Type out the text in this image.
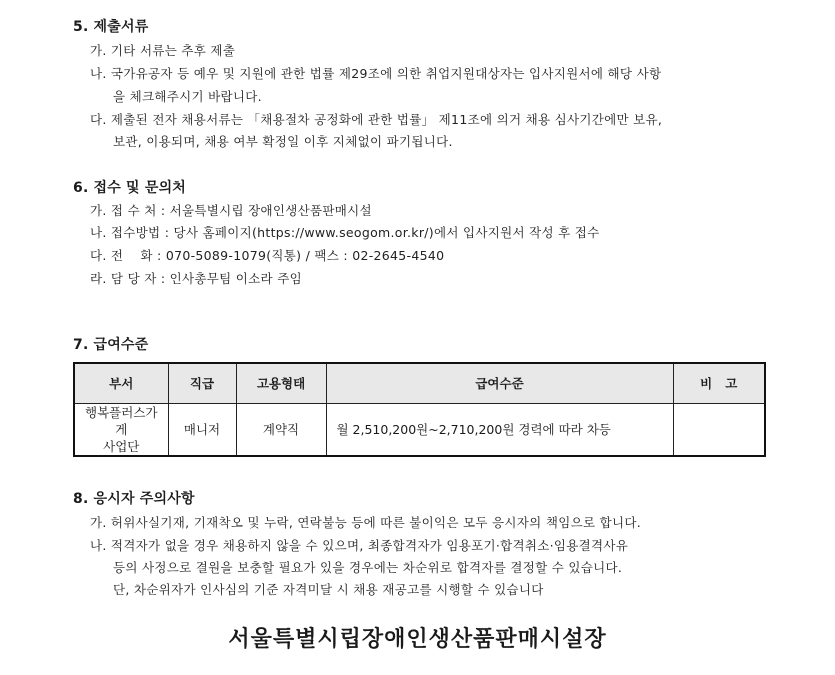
5. 제출서류
가. 기타 서류는 추후 제출
나. 국가유공자 등 예우 및 지원에 관한 법률 제29조에 의한 취업지원대상자는 입사지원서에 해당 사항
을 체크해주시기 바랍니다.
다. 제출된 전자 채용서류는 「채용절차 공정화에 관한 법률」 제11조에 의거 채용 심사기간에만 보유,
보관, 이용되며, 채용 여부 확정일 이후 지체없이 파기됩니다.
6. 접수 및 문의처
가. 접 수 처 : 서울특별시립 장애인생산품판매시설
나. 접수방법 : 당사 홈페이지(https://www.seogom.or.kr/)에서 입사지원서 작성 후 접수
다. 전    화 : 070-5089-1079(직통) / 팩스 : 02-2645-4540
라. 담 당 자 : 인사총무팀 이소라 주임
7. 급여수준
부서	직급	고용형태	급여수준	비   고

행복플러스가게
사업단	매니저	계약직	월 2,510,200원~2,710,200원 경력에 따라 차등	
8. 응시자 주의사항
가. 허위사실기재, 기재착오 및 누락, 연락불능 등에 따른 불이익은 모두 응시자의 책임으로 합니다.
나. 적격자가 없을 경우 채용하지 않을 수 있으며, 최종합격자가 임용포기·합격취소·임용결격사유
등의 사정으로 결원을 보충할 필요가 있을 경우에는 차순위로 합격자를 결정할 수 있습니다.
단, 차순위자가 인사심의 기준 자격미달 시 채용 재공고를 시행할 수 있습니다
서울특별시립장애인생산품판매시설장
